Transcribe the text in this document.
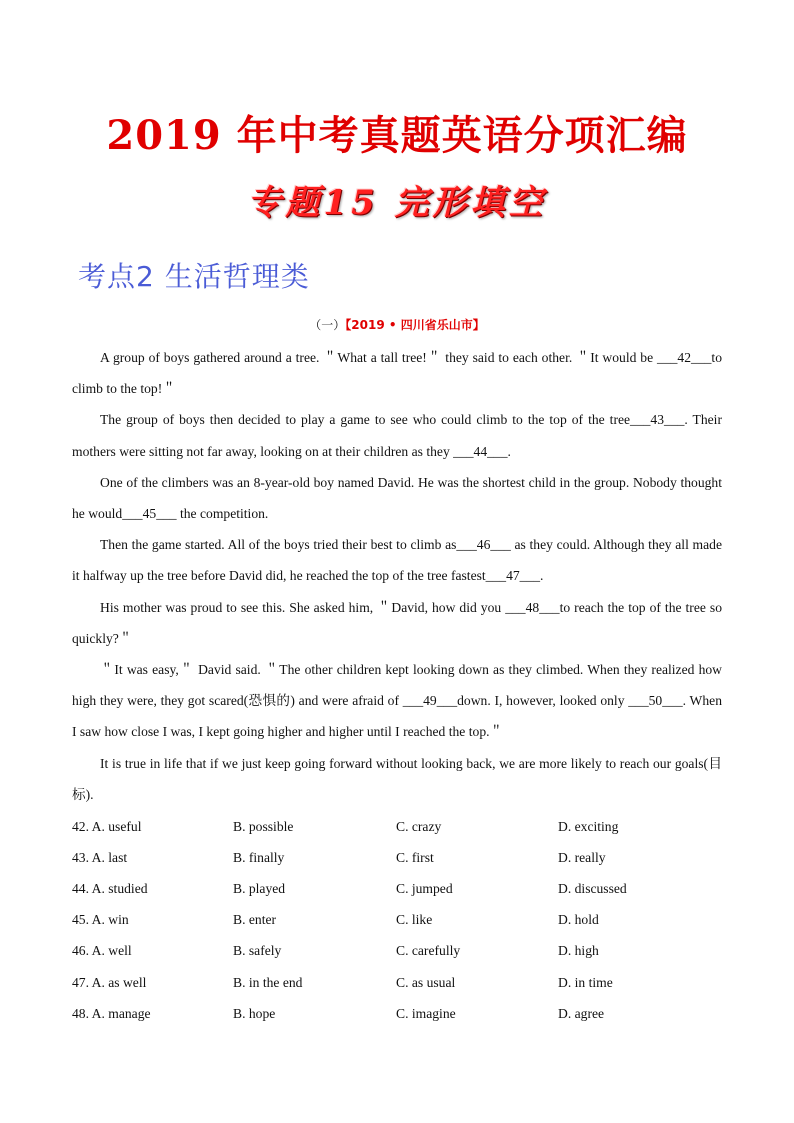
2019 年中考真题英语分项汇编
专题15 完形填空
考点2 生活哲理类
（一）【2019 • 四川省乐山市】

A group of boys gathered around a tree. ＂What a tall tree!＂ they said to each other. ＂It would be ___42___to climb to the top!＂

The group of boys then decided to play a game to see who could climb to the top of the tree___43___. Their mothers were sitting not far away, looking on at their children as they ___44___.

One of the climbers was an 8-year-old boy named David. He was the shortest child in the group. Nobody thought he would___45___ the competition.

Then the game started. All of the boys tried their best to climb as___46___ as they could. Although they all made it halfway up the tree before David did, he reached the top of the tree fastest___47___.

His mother was proud to see this. She asked him, ＂David, how did you ___48___to reach the top of the tree so quickly?＂

＂It was easy,＂ David said. ＂The other children kept looking down as they climbed. When they realized how high they were, they got scared(恐惧的) and were afraid of ___49___down. I, however, looked only ___50___. When I saw how close I was, I kept going higher and higher until I reached the top.＂

It is true in life that if we just keep going forward without looking back, we are more likely to reach our goals(目标).

42. A. useful	B. possible	C. crazy	D. exciting
43. A. last	B. finally	C. first	D. really
44. A. studied	B. played	C. jumped	D. discussed
45. A. win	B. enter	C. like	D. hold
46. A. well	B. safely	C. carefully	D. high
47. A. as well	B. in the end	C. as usual	D. in time
48. A. manage	B. hope	C. imagine	D. agree
